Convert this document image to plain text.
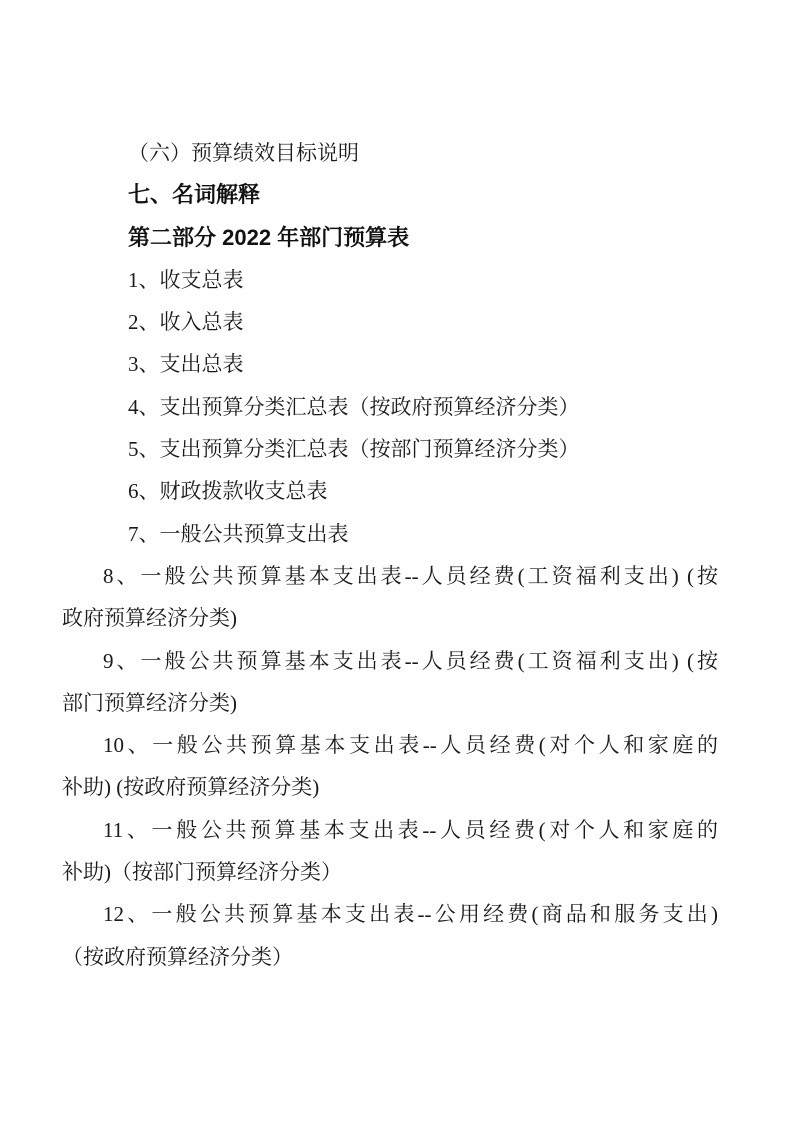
（六）预算绩效目标说明
七、名词解释
第二部分 2022 年部门预算表
1、收支总表
2、收入总表
3、支出总表
4、支出预算分类汇总表（按政府预算经济分类）
5、支出预算分类汇总表（按部门预算经济分类）
6、财政拨款收支总表
7、一般公共预算支出表
8、一般公共预算基本支出表--人员经费(工资福利支出) (按
政府预算经济分类)
9、一般公共预算基本支出表--人员经费(工资福利支出) (按
部门预算经济分类)
10、一般公共预算基本支出表--人员经费(对个人和家庭的
补助) (按政府预算经济分类)
11、一般公共预算基本支出表--人员经费(对个人和家庭的
补助)（按部门预算经济分类）
12、一般公共预算基本支出表--公用经费(商品和服务支出)
（按政府预算经济分类）
